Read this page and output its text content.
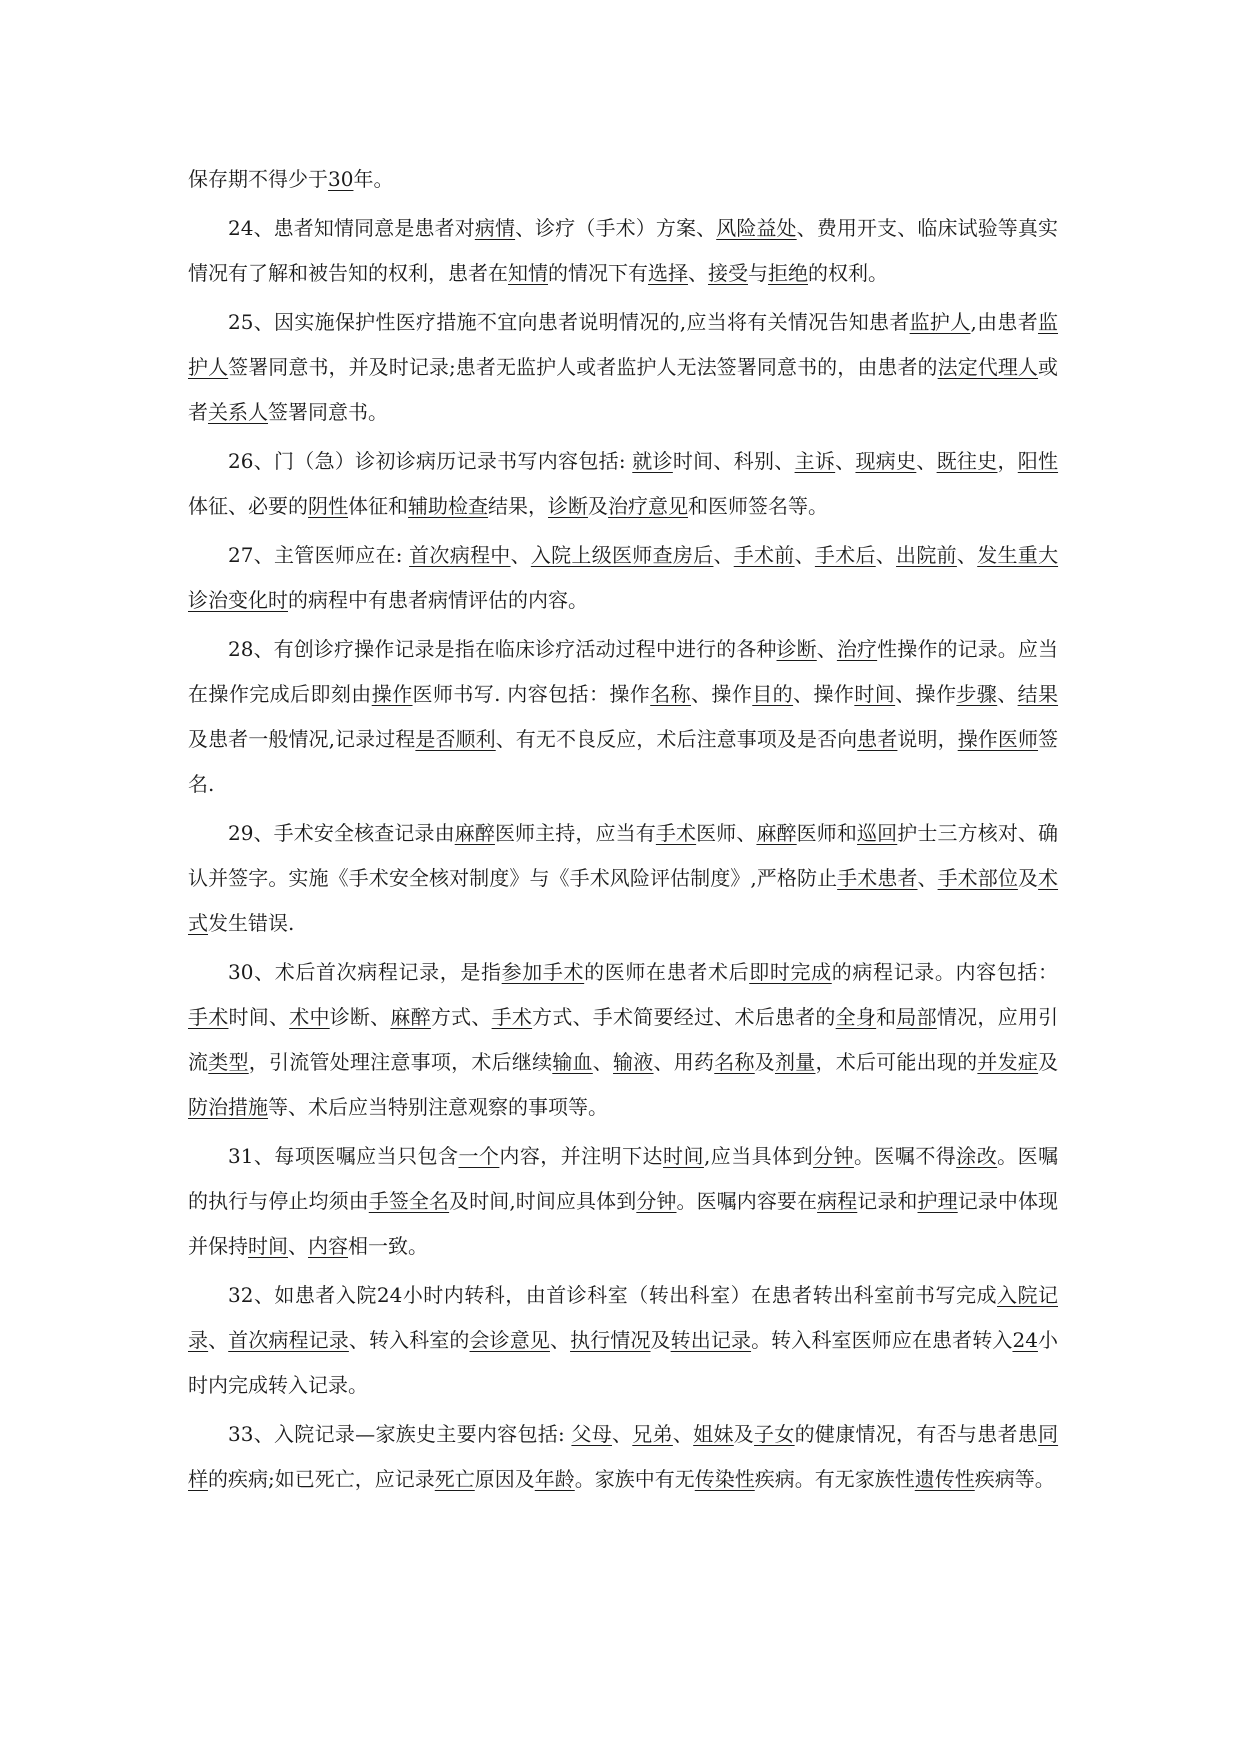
保存期不得少于30年。

24、患者知情同意是患者对病情、诊疗（手术）方案、风险益处、费用开支、临床试验等真实情况有了解和被告知的权利，患者在知情的情况下有选择、接受与拒绝的权利。

25、因实施保护性医疗措施不宜向患者说明情况的,应当将有关情况告知患者监护人,由患者监护人签署同意书，并及时记录;患者无监护人或者监护人无法签署同意书的，由患者的法定代理人或者关系人签署同意书。

26、门（急）诊初诊病历记录书写内容包括: 就诊时间、科别、主诉、现病史、既往史，阳性体征、必要的阴性体征和辅助检查结果，诊断及治疗意见和医师签名等。

27、主管医师应在: 首次病程中、入院上级医师查房后、手术前、手术后、出院前、发生重大诊治变化时的病程中有患者病情评估的内容。

28、有创诊疗操作记录是指在临床诊疗活动过程中进行的各种诊断、治疗性操作的记录。应当在操作完成后即刻由操作医师书写. 内容包括：操作名称、操作目的、操作时间、操作步骤、结果及患者一般情况,记录过程是否顺利、有无不良反应，术后注意事项及是否向患者说明，操作医师签名.

29、手术安全核查记录由麻醉医师主持，应当有手术医师、麻醉医师和巡回护士三方核对、确认并签字。实施《手术安全核对制度》与《手术风险评估制度》,严格防止手术患者、手术部位及术式发生错误.

30、术后首次病程记录，是指参加手术的医师在患者术后即时完成的病程记录。内容包括： 手术时间、术中诊断、麻醉方式、手术方式、手术简要经过、术后患者的全身和局部情况，应用引流类型，引流管处理注意事项，术后继续输血、输液、用药名称及剂量，术后可能出现的并发症及防治措施等、术后应当特别注意观察的事项等。

31、每项医嘱应当只包含一个内容，并注明下达时间,应当具体到分钟。医嘱不得涂改。医嘱的执行与停止均须由手签全名及时间,时间应具体到分钟。医嘱内容要在病程记录和护理记录中体现并保持时间、内容相一致。

32、如患者入院24小时内转科，由首诊科室（转出科室）在患者转出科室前书写完成入院记录、首次病程记录、转入科室的会诊意见、执行情况及转出记录。转入科室医师应在患者转入24小时内完成转入记录。

33、入院记录—家族史主要内容包括: 父母、兄弟、姐妹及子女的健康情况，有否与患者患同样的疾病;如已死亡，应记录死亡原因及年龄。家族中有无传染性疾病。有无家族性遗传性疾病等。
